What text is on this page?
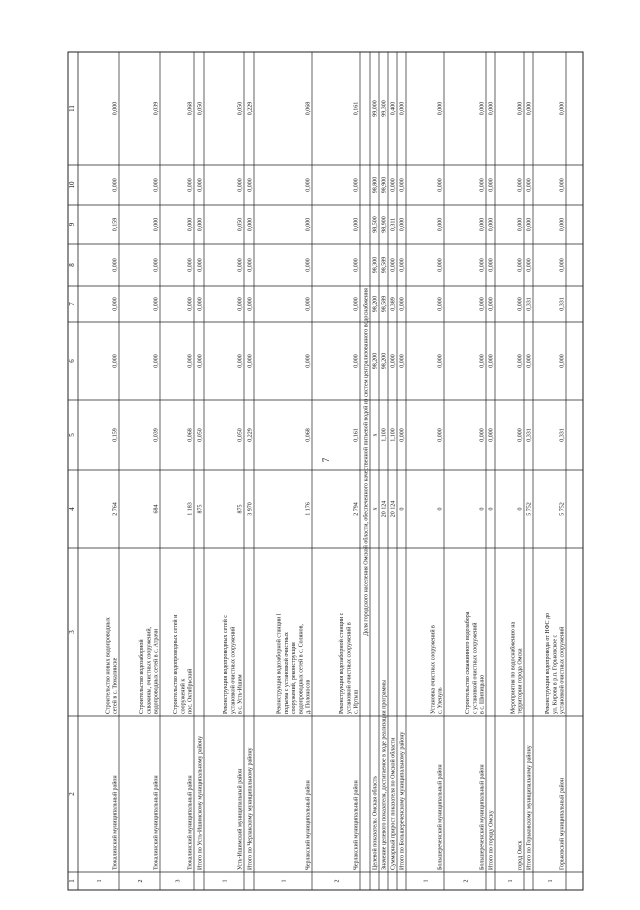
7
1
2
3
4
5
6
7
8
9
10
11
1
Тюкалинский муниципальный район
Строительство новых водопроводных сетей в с. Тюкалинске
2 764
0,159
0,000
0,000
0,000
0,159
0,000
0,000
2
Тюкалинский муниципальный район
Строительство водозаборной скважины, очистных сооружений, водопроводных сетей в с. Атрачи
684
0,039
0,000
0,000
0,000
0,000
0,000
0,039
3
Тюкалинский муниципальный район
Строительство водопроводных сетей и сооружений к пос. Октябрьский
1 183
0,068
0,000
0,000
0,000
0,000
0,000
0,068
Итого по Усть-Ишимскому муниципальному району
875
0,050
0,000
0,000
0,000
0,000
0,000
0,050
1
Усть-Ишимский муниципальный район
Реконструкция водопроводных сетей с установкой очистных сооружений в с. Усть-Ишим
875
0,050
0,000
0,000
0,000
0,050
0,000
0,050
Итого по Черлакскому муниципальному району
3 970
0,229
0,000
0,000
0,000
0,000
0,000
0,229
1
Черлакский муниципальный район
Реконструкция водозаборной станции I подъема с установкой очистных сооружений, реконструкция водопроводных сетей в с. Солянов, д. Полоносов
1 176
0,068
0,000
0,000
0,000
0,000
0,000
0,068
2
Черлакский муниципальный район
Реконструкция водозаборной станции с установкой очистных сооружений в с. Иртыш
2 794
0,161
0,000
0,000
0,000
0,000
0,000
0,161
Доля городского населения Омской области, обеспеченного качественной питьевой водой из систем централизованного водоснабжения
Целевой показатель: Омская область
x
x
98,200
98,200
98,300
98,500
98,800
99,000
Значение целевого показателя, достигаемое в ходе реализации программы
20 124
1,100
98,200
98,589
98,589
98,900
98,900
99,300
Суммарный прирост показателя по Омской области
20 124
1,100
0,000
0,389
0,000
0,311
0,000
0,400
Итого по Большереченскому муниципальному району
0
0,000
0,000
0,000
0,000
0,000
0,000
0,000
1
Большереченский муниципальный район
Установка очистных сооружений в с. Уленуль
0
0,000
0,000
0,000
0,000
0,000
0,000
0,000
2
Большереченский муниципальный район
Строительство скважинного водозабора с установкой очистных сооружений в с. Шипицыно
0
0,000
0,000
0,000
0,000
0,000
0,000
0,000
Итого по городу Омску
0
0,000
0,000
0,000
0,000
0,000
0,000
0,000
1
город Омск
Мероприятия по водоснабжению на территории города Омска
0
0,000
0,000
0,000
0,000
0,000
0,000
0,000
Итого по Горьковскому муниципальному району
5 752
0,331
0,000
0,331
0,000
0,000
0,000
0,000
1
Горьковский муниципальный район
Реконструкция водопровода от НФС до ул. Кирова в р.п. Горьковское с установкой очистных сооружений
5 752
0,331
0,000
0,331
0,000
0,000
0,000
0,000
